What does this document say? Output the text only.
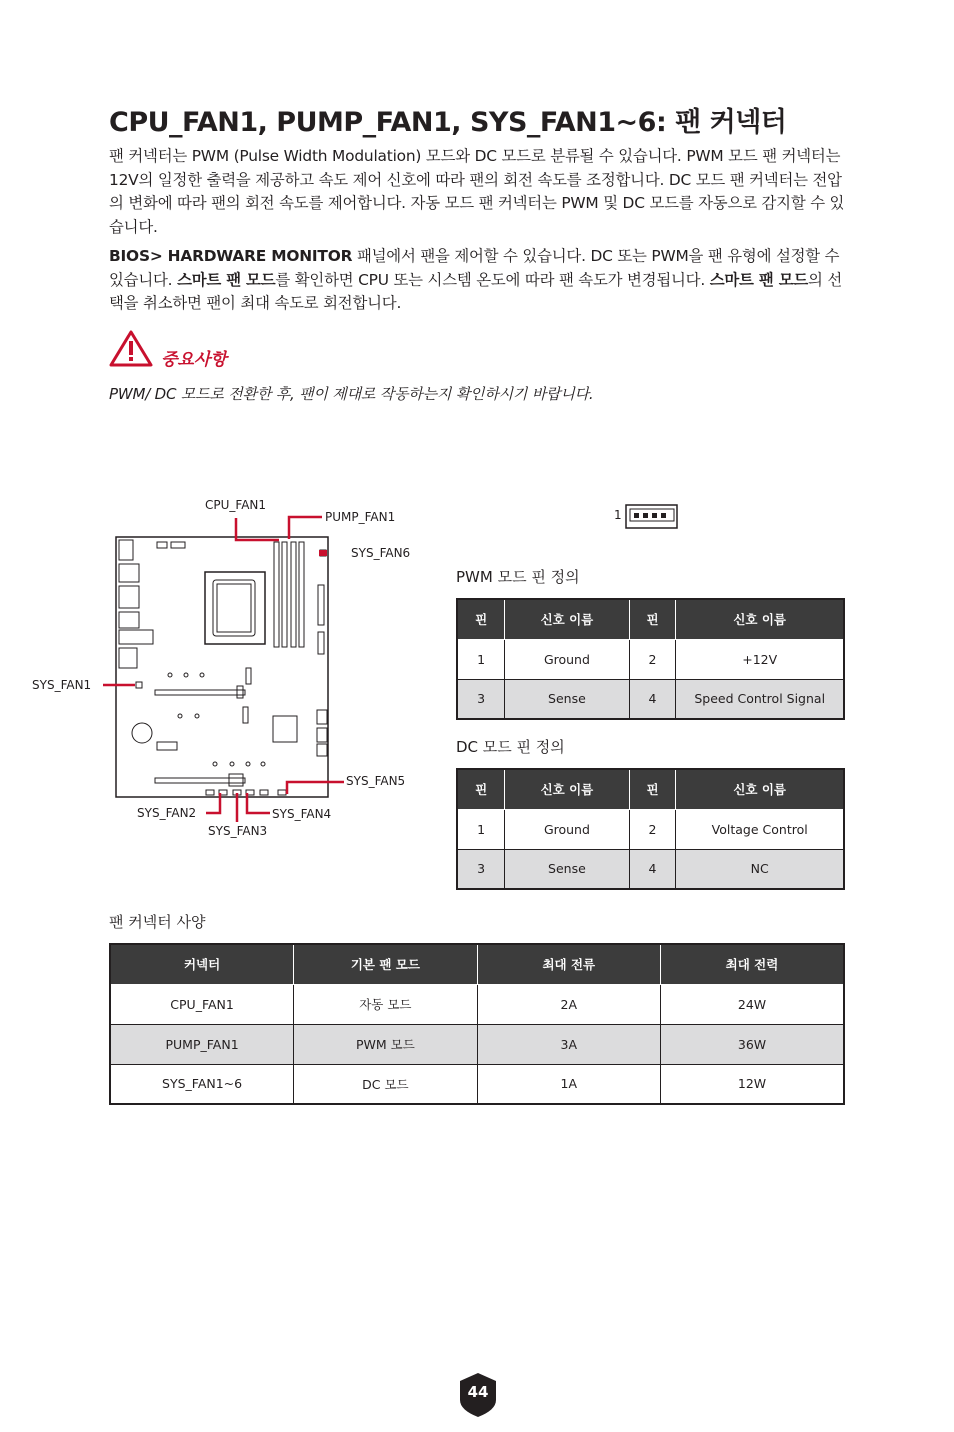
CPU_FAN1, PUMP_FAN1, SYS_FAN1~6: 팬 커넥터
팬 커넥터는 PWM (Pulse Width Modulation) 모드와 DC 모드로 분류될 수 있습니다. PWM 모드 팬 커넥터는 12V의 일정한 출력을 제공하고 속도 제어 신호에 따라 팬의 회전 속도를 조정합니다. DC 모드 팬 커넥터는 전압의 변화에 따라 팬의 회전 속도를 제어합니다. 자동 모드 팬 커넥터는 PWM 및 DC 모드를 자동으로 감지할 수 있습니다.
BIOS> HARDWARE MONITOR 패널에서 팬을 제어할 수 있습니다. DC 또는 PWM을 팬 유형에 설정할 수 있습니다. 스마트 팬 모드를 확인하면 CPU 또는 시스템 온도에 따라 팬 속도가 변경됩니다. 스마트 팬 모드의 선택을 취소하면 팬이 최대 속도로 회전합니다.
중요사항
PWM/ DC 모드로 전환한 후, 팬이 제대로 작동하는지 확인하시기 바랍니다.
CPU_FAN1
PUMP_FAN1
SYS_FAN6
SYS_FAN1
SYS_FAN5
SYS_FAN2	SYS_FAN4
SYS_FAN3
1
PWM 모드 핀 정의
핀	신호 이름	핀	신호 이름
1	Ground	2	+12V
3	Sense	4	Speed Control Signal
DC 모드 핀 정의
핀	신호 이름	핀	신호 이름
1	Ground	2	Voltage Control
3	Sense	4	NC
팬 커넥터 사양
커넥터	기본 팬 모드	최대 전류	최대 전력
CPU_FAN1	자동 모드	2A	24W
PUMP_FAN1	PWM 모드	3A	36W
SYS_FAN1~6	DC 모드	1A	12W
44
